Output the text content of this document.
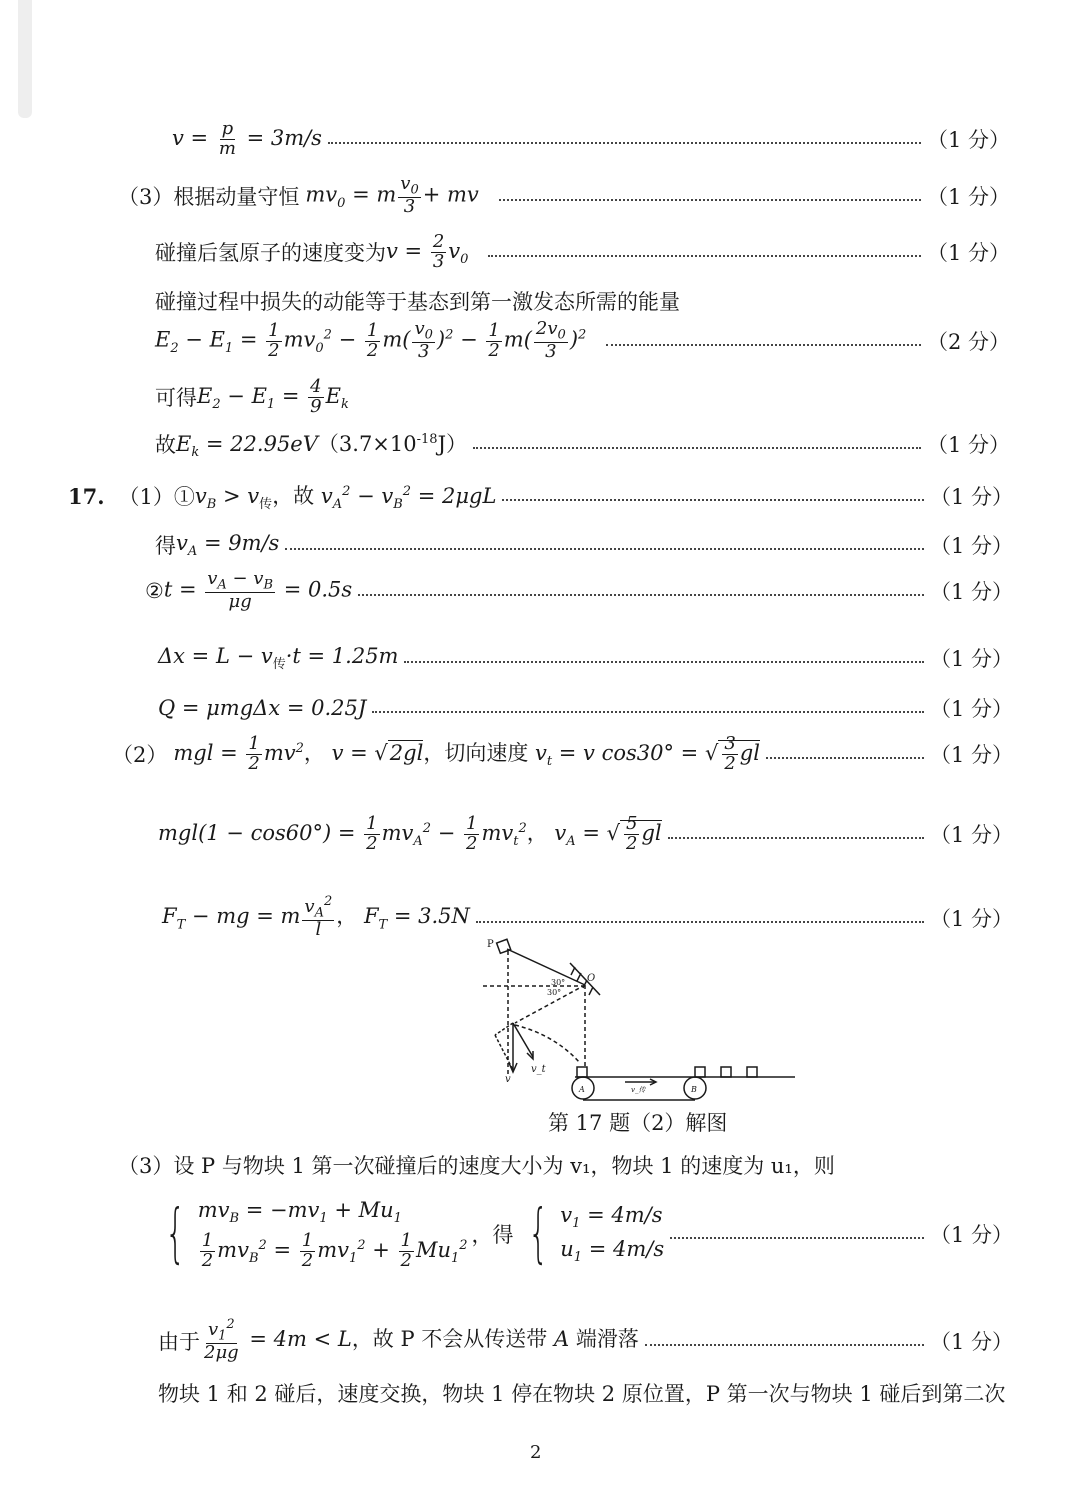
$v = \frac{p}{m} = 3m/s$	（1 分）
（3）根据动量守恒 $mv_0 = m \frac{v_0}{3}$ + mv	（1 分）
碰撞后氢原子的速度变为 $v = \frac{2}{3} v_0$	（1 分）
碰撞过程中损失的动能等于基态到第一激发态所需的能量
$E_2 - E_1 = \frac{1}{2} mv_0^2 - \frac{1}{2} m( \frac{v_0}{3} )^2 - \frac{1}{2} m( \frac{2v_0}{3} )^2$	（2 分）
可得 $E_2 - E_1 = \frac{4}{9} E_k$
故 $E_k = 22.95eV(3.7\times 10^{-18}J)$	（1 分）
17. （1）① $v_B > v_传$，故 $v_A^2 - v_B^2 = 2\mu gL$	（1 分）
得 $v_A = 9m/s$	（1 分）
② $t = \frac{v_A - v_B}{\mu g} = 0.5s$	（1 分）
$\Delta x = L - v_传\cdot t = 1.25m$	（1 分）
Q = μmgΔx = 0.25J	（1 分）
（2） mgl = $\frac{1}{2} mv^2$， v = √2gl，切向速度 $v_t = v$ cos30° = √ $\frac{3}{2}$ gl	（1 分）
$mgl(1 - \cos 60^\circ) = \frac{1}{2} mv_A^2 - \frac{1}{2} mv_t^2$， $v_A$ = √ $\frac{5}{2}$ gl	（1 分）
$F_T$ − mg = m $\frac{v_A^2}{l}$ ， $F_T = 3.5N$	（1 分）
P
O
30°
30°
v
v_t
A	B
v_传
第 17 题（2）解图
（3）设 P 与物块 1 第一次碰撞后的速度大小为 v₁，物块 1 的速度为 u₁，则
{ $mv_B = -mv_1 + Mu_1$
$\frac{1}{2} mv_B^2 = \frac{1}{2} mv_1^2 + \frac{1}{2} Mu_1^2$ ，得 { $v_1 = 4m/s$
$u_1 = 4m/s$
（1 分）
由于 $\frac{v_1^2}{2\mu g} = 4m < L$，故 P 不会从传送带 A 端滑落	（1 分）
物块 1 和 2 碰后，速度交换，物块 1 停在物块 2 原位置，P 第一次与物块 1 碰后到第二次
2
